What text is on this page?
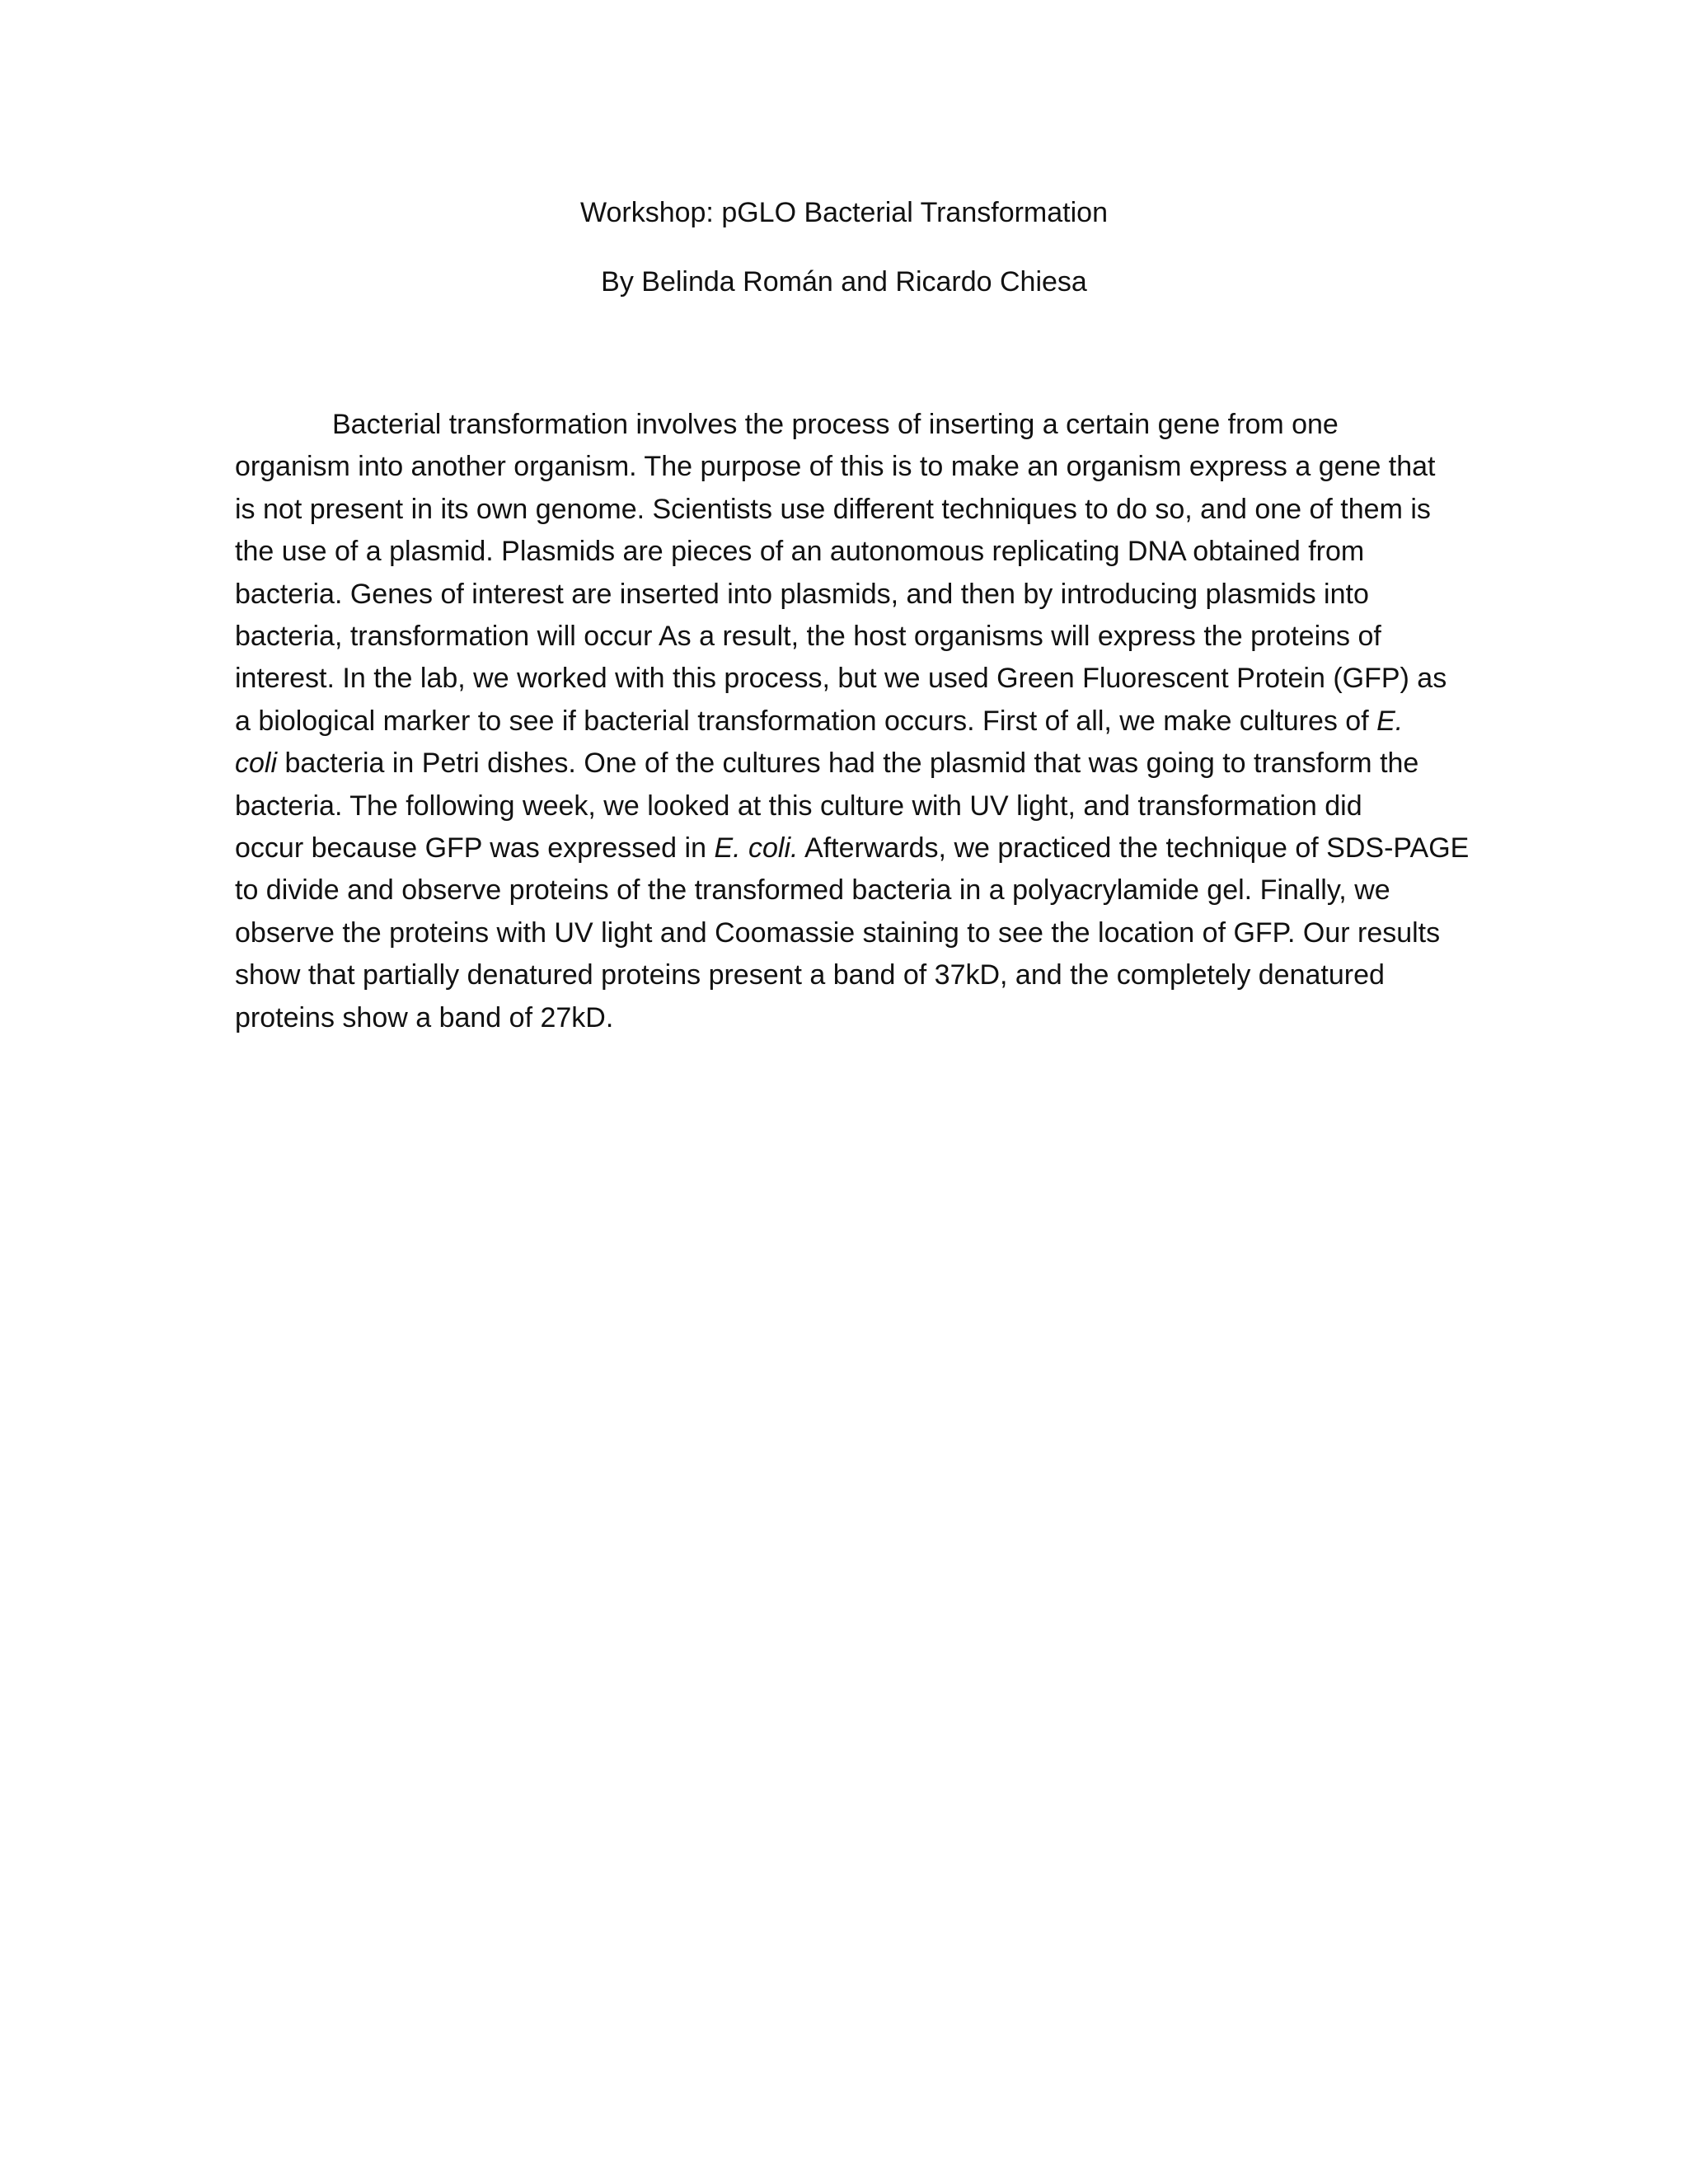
Workshop: pGLO Bacterial Transformation

By Belinda Román and Ricardo Chiesa

Bacterial transformation involves the process of inserting a certain gene from one
organism into another organism. The purpose of this is to make an organism express a gene that
is not present in its own genome. Scientists use different techniques to do so, and one of them is
the use of a plasmid. Plasmids are pieces of an autonomous replicating DNA obtained from
bacteria. Genes of interest are inserted into plasmids, and then by introducing plasmids into
bacteria, transformation will occur As a result, the host organisms will express the proteins of
interest. In the lab, we worked with this process, but we used Green Fluorescent Protein (GFP) as
a biological marker to see if bacterial transformation occurs. First of all, we make cultures of E.
coli bacteria in Petri dishes. One of the cultures had the plasmid that was going to transform the
bacteria. The following week, we looked at this culture with UV light, and transformation did
occur because GFP was expressed in E. coli. Afterwards, we practiced the technique of SDS-PAGE
to divide and observe proteins of the transformed bacteria in a polyacrylamide gel. Finally, we
observe the proteins with UV light and Coomassie staining to see the location of GFP. Our results
show that partially denatured proteins present a band of 37kD, and the completely denatured
proteins show a band of 27kD.
